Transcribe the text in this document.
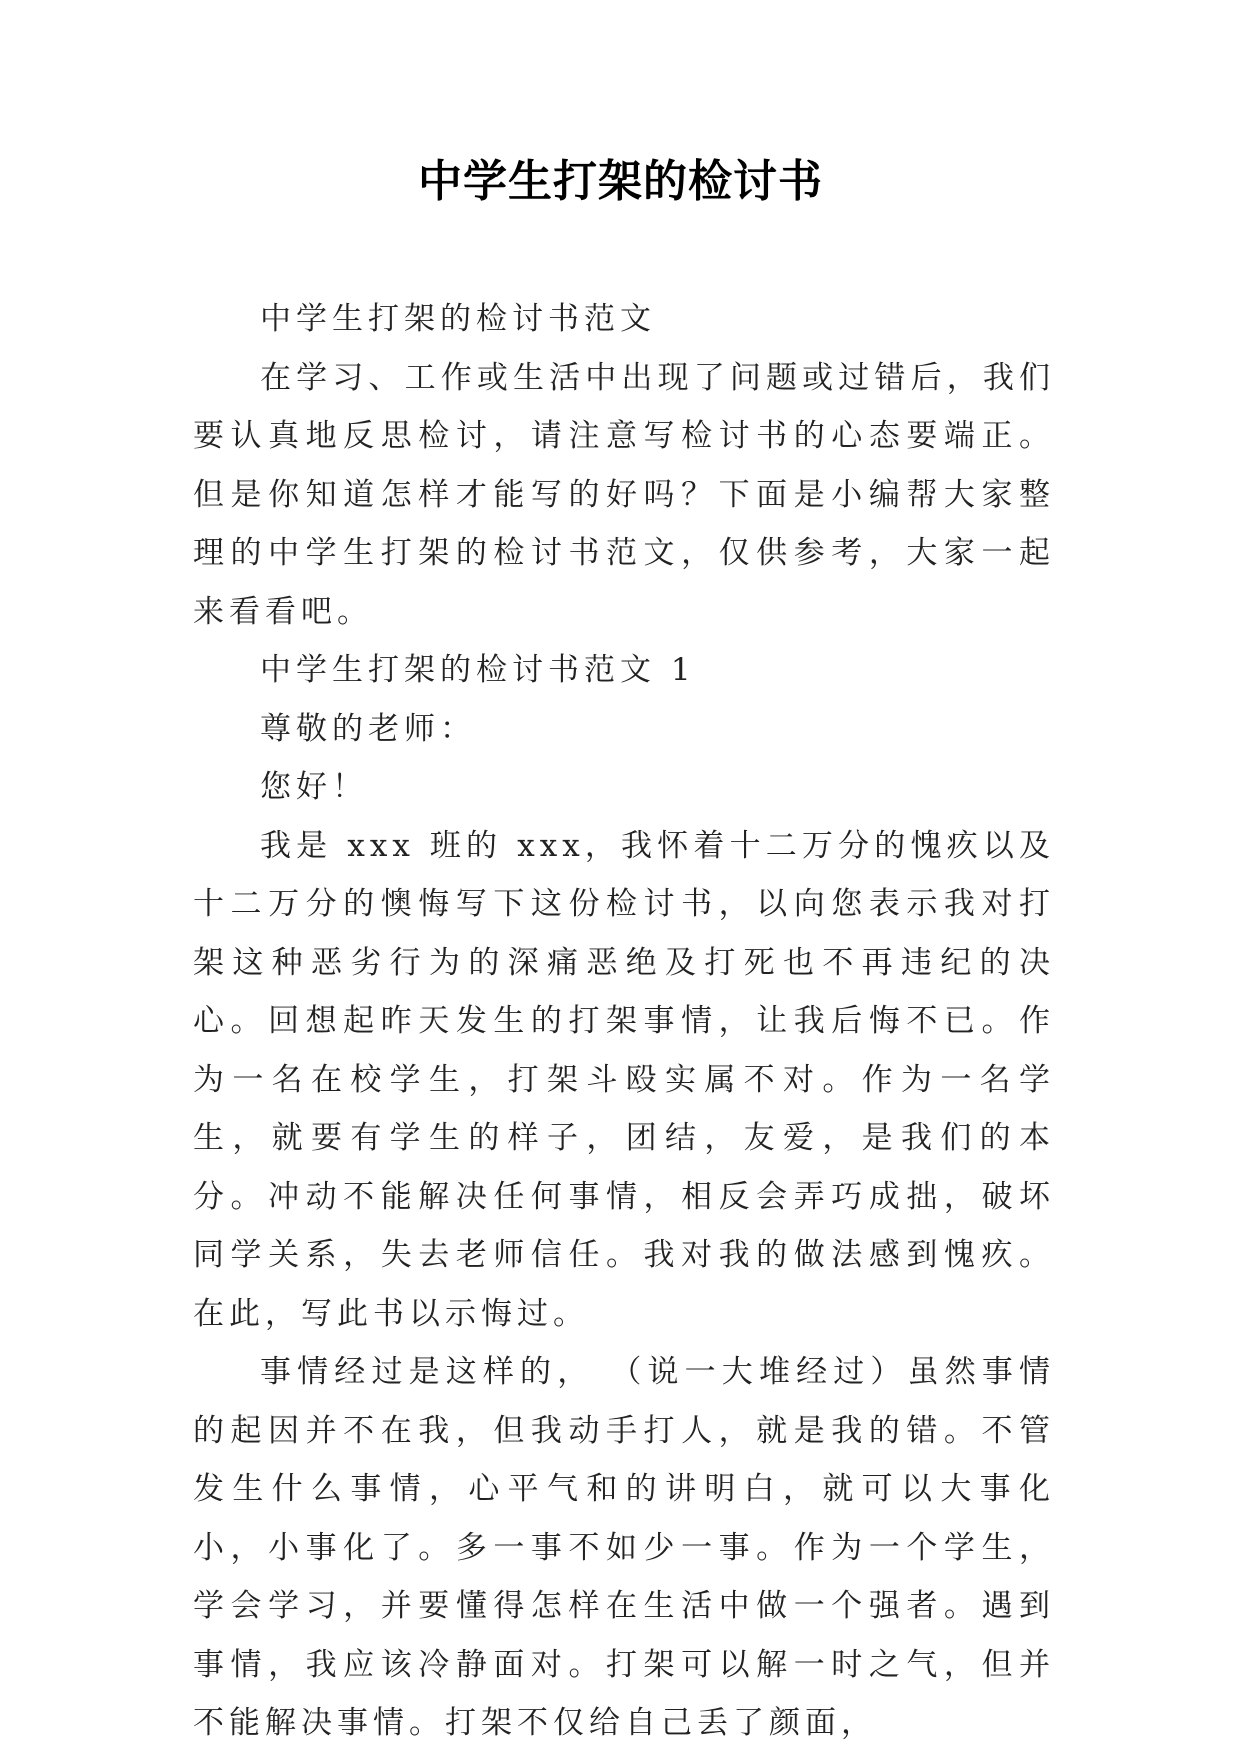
中学生打架的检讨书

中学生打架的检讨书范文

在学习、工作或生活中出现了问题或过错后，我们要认真地反思检讨，请注意写检讨书的心态要端正。但是你知道怎样才能写的好吗？下面是小编帮大家整理的中学生打架的检讨书范文，仅供参考，大家一起来看看吧。

中学生打架的检讨书范文 1

尊敬的老师：

您好！

我是 xxx 班的 xxx，我怀着十二万分的愧疚以及十二万分的懊悔写下这份检讨书，以向您表示我对打架这种恶劣行为的深痛恶绝及打死也不再违纪的决心。回想起昨天发生的打架事情，让我后悔不已。作为一名在校学生，打架斗殴实属不对。作为一名学生，就要有学生的样子，团结，友爱，是我们的本分。冲动不能解决任何事情，相反会弄巧成拙，破坏同学关系，失去老师信任。我对我的做法感到愧疚。在此，写此书以示悔过。

事情经过是这样的， （说一大堆经过）虽然事情的起因并不在我，但我动手打人，就是我的错。不管发生什么事情，心平气和的讲明白，就可以大事化小，小事化了。多一事不如少一事。作为一个学生，学会学习，并要懂得怎样在生活中做一个强者。遇到事情，我应该冷静面对。打架可以解一时之气，但并不能解决事情。打架不仅给自己丢了颜面，
